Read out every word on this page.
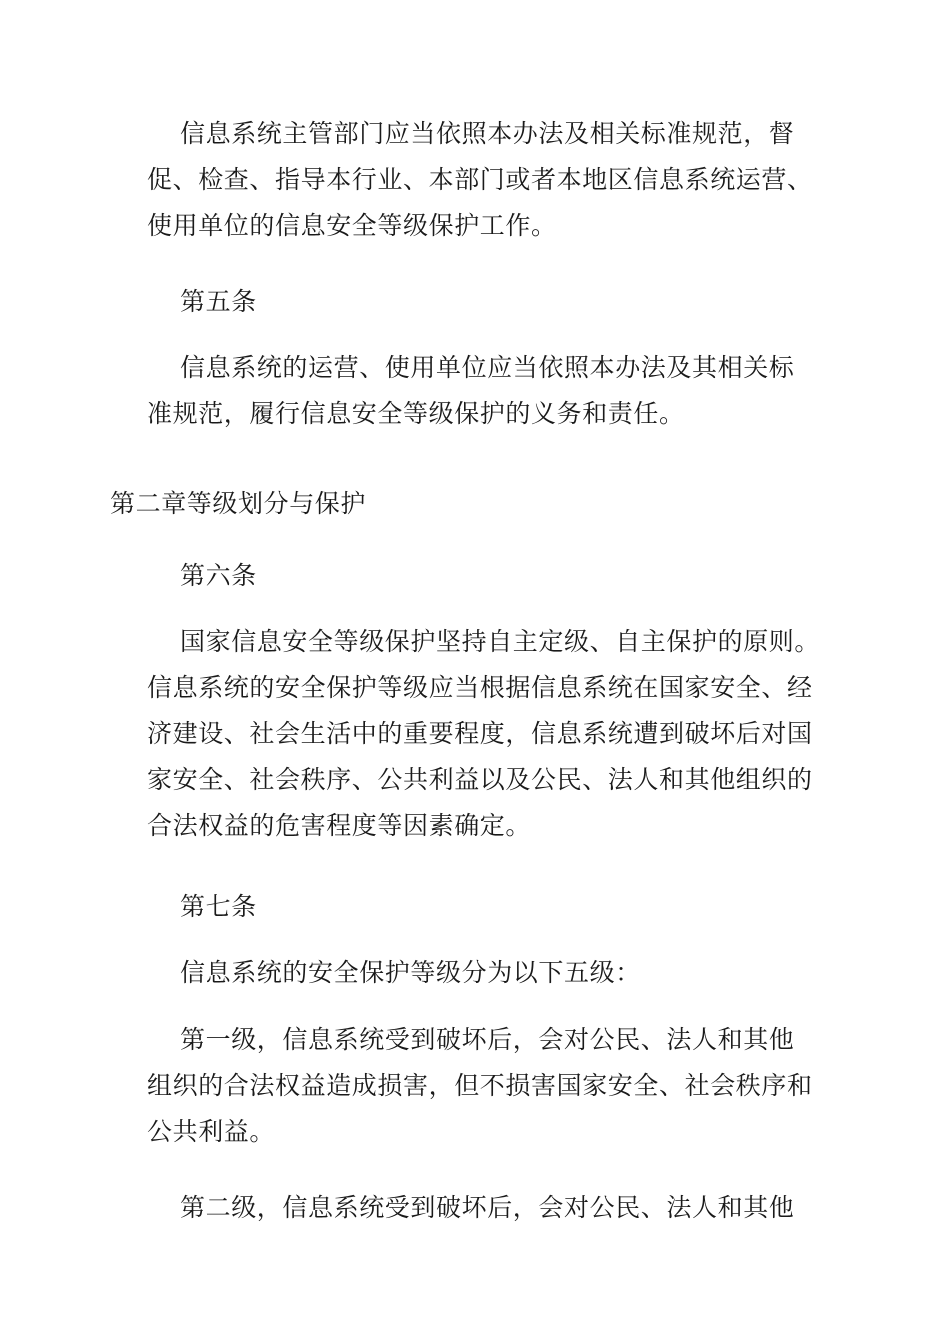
信息系统主管部门应当依照本办法及相关标准规范，督
促、检查、指导本行业、本部门或者本地区信息系统运营、
使用单位的信息安全等级保护工作。

第五条

信息系统的运营、使用单位应当依照本办法及其相关标
准规范，履行信息安全等级保护的义务和责任。

第二章等级划分与保护

第六条

国家信息安全等级保护坚持自主定级、自主保护的原则。
信息系统的安全保护等级应当根据信息系统在国家安全、经
济建设、社会生活中的重要程度，信息系统遭到破坏后对国
家安全、社会秩序、公共利益以及公民、法人和其他组织的
合法权益的危害程度等因素确定。

第七条

信息系统的安全保护等级分为以下五级：

第一级，信息系统受到破坏后，会对公民、法人和其他
组织的合法权益造成损害，但不损害国家安全、社会秩序和
公共利益。

第二级，信息系统受到破坏后，会对公民、法人和其他
